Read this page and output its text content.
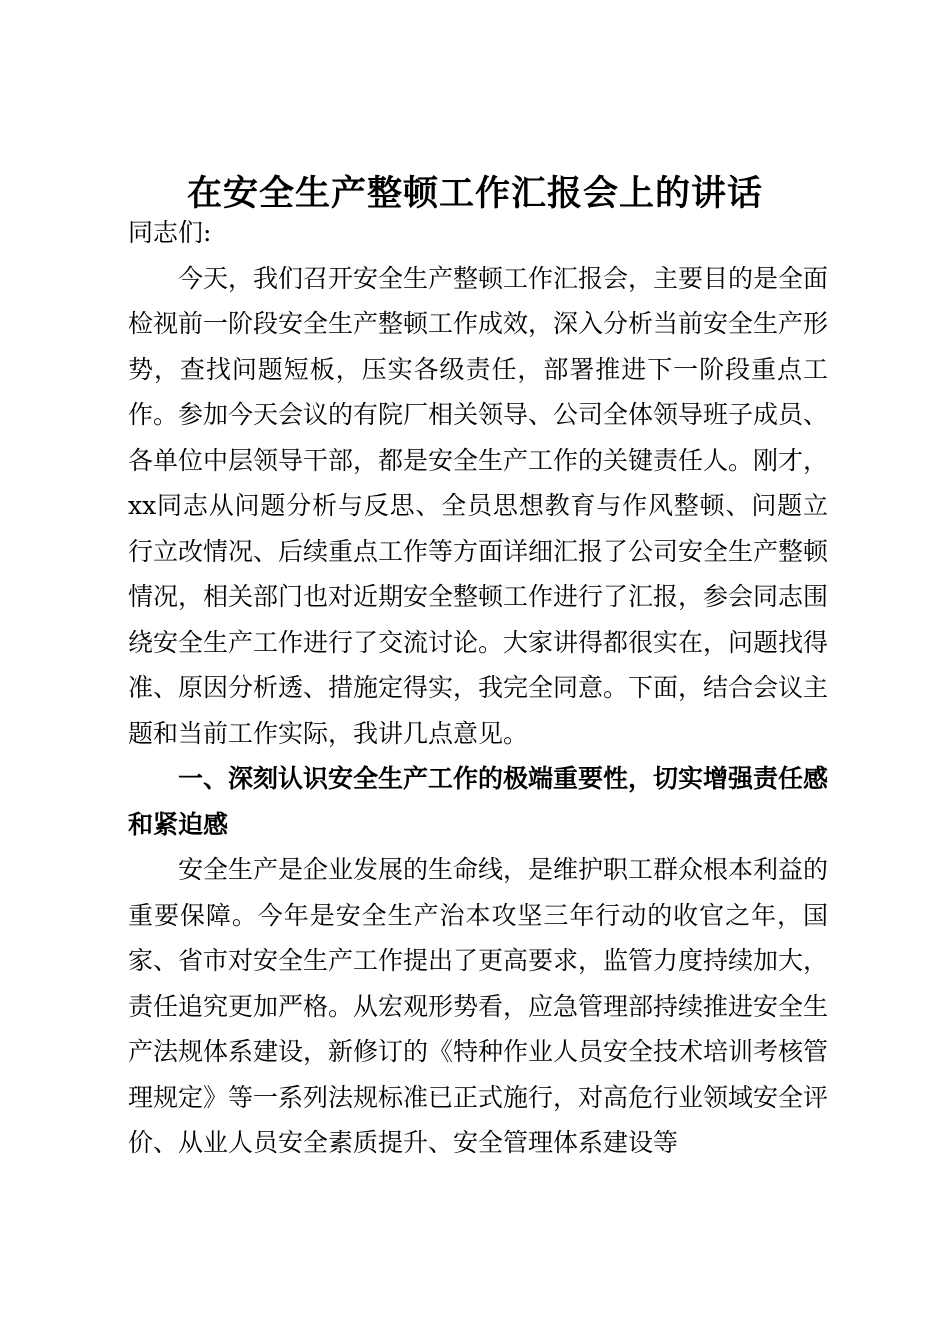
在安全生产整顿工作汇报会上的讲话

同志们:

今天，我们召开安全生产整顿工作汇报会，主要目的是全面检视前一阶段安全生产整顿工作成效，深入分析当前安全生产形势，查找问题短板，压实各级责任，部署推进下一阶段重点工作。参加今天会议的有院厂相关领导、公司全体领导班子成员、各单位中层领导干部，都是安全生产工作的关键责任人。刚才，xx同志从问题分析与反思、全员思想教育与作风整顿、问题立行立改情况、后续重点工作等方面详细汇报了公司安全生产整顿情况，相关部门也对近期安全整顿工作进行了汇报，参会同志围绕安全生产工作进行了交流讨论。大家讲得都很实在，问题找得准、原因分析透、措施定得实，我完全同意。下面，结合会议主题和当前工作实际，我讲几点意见。

一、深刻认识安全生产工作的极端重要性，切实增强责任感和紧迫感

安全生产是企业发展的生命线，是维护职工群众根本利益的重要保障。今年是安全生产治本攻坚三年行动的收官之年，国家、省市对安全生产工作提出了更高要求，监管力度持续加大，责任追究更加严格。从宏观形势看，应急管理部持续推进安全生产法规体系建设，新修订的《特种作业人员安全技术培训考核管理规定》等一系列法规标准已正式施行，对高危行业领域安全评价、从业人员安全素质提升、安全管理体系建设等
